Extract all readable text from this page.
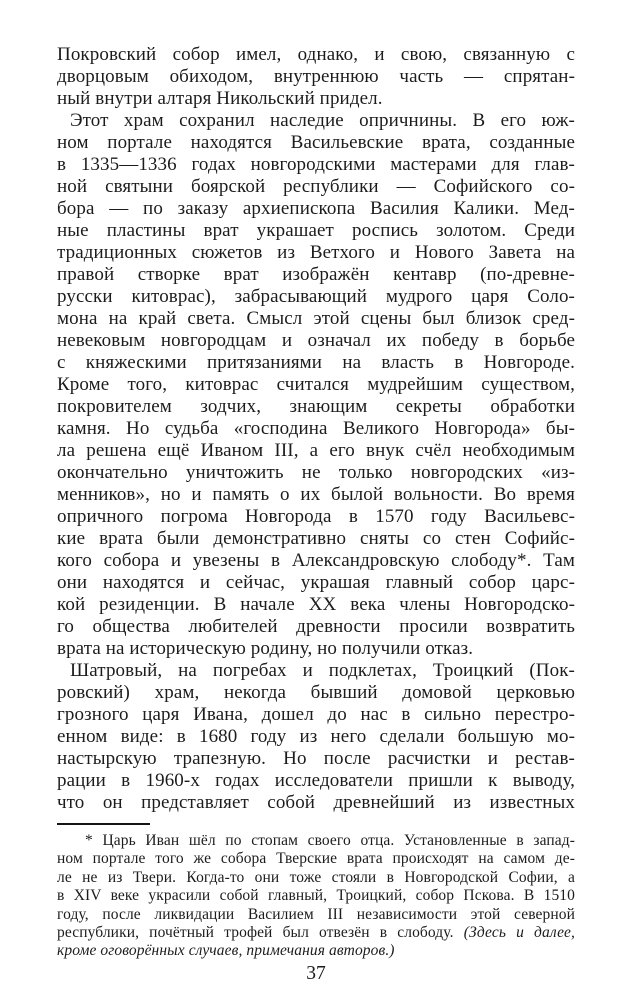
Покровский собор имел, однако, и свою, связанную с
дворцовым обиходом, внутреннюю часть — спрятан-
ный внутри алтаря Никольский придел.
Этот храм сохранил наследие опричнины. В его юж-
ном портале находятся Васильевские врата, созданные
в 1335—1336 годах новгородскими мастерами для глав-
ной святыни боярской республики — Софийского со-
бора — по заказу архиепископа Василия Калики. Мед-
ные пластины врат украшает роспись золотом. Среди
традиционных сюжетов из Ветхого и Нового Завета на
правой створке врат изображён кентавр (по-древне-
русски китоврас), забрасывающий мудрого царя Соло-
мона на край света. Смысл этой сцены был близок сред-
невековым новгородцам и означал их победу в борьбе
с княжескими притязаниями на власть в Новгороде.
Кроме того, китоврас считался мудрейшим существом,
покровителем зодчих, знающим секреты обработки
камня. Но судьба «господина Великого Новгорода» бы-
ла решена ещё Иваном III, а его внук счёл необходимым
окончательно уничтожить не только новгородских «из-
менников», но и память о их былой вольности. Во время
опричного погрома Новгорода в 1570 году Васильевс-
кие врата были демонстративно сняты со стен Софийс-
кого собора и увезены в Александровскую слободу*. Там
они находятся и сейчас, украшая главный собор царс-
кой резиденции. В начале XX века члены Новгородско-
го общества любителей древности просили возвратить
врата на историческую родину, но получили отказ.
Шатровый, на погребах и подклетах, Троицкий (Пок-
ровский) храм, некогда бывший домовой церковью
грозного царя Ивана, дошел до нас в сильно перестро-
енном виде: в 1680 году из него сделали большую мо-
настырскую трапезную. Но после расчистки и рестав-
рации в 1960-х годах исследователи пришли к выводу,
что он представляет собой древнейший из известных
* Царь Иван шёл по стопам своего отца. Установленные в запад-
ном портале того же собора Тверские врата происходят на самом де-
ле не из Твери. Когда-то они тоже стояли в Новгородской Софии, а
в XIV веке украсили собой главный, Троицкий, собор Пскова. В 1510
году, после ликвидации Василием III независимости этой северной
республики, почётный трофей был отвезён в слободу. (Здесь и далее,
кроме оговорённых случаев, примечания авторов.)
37
